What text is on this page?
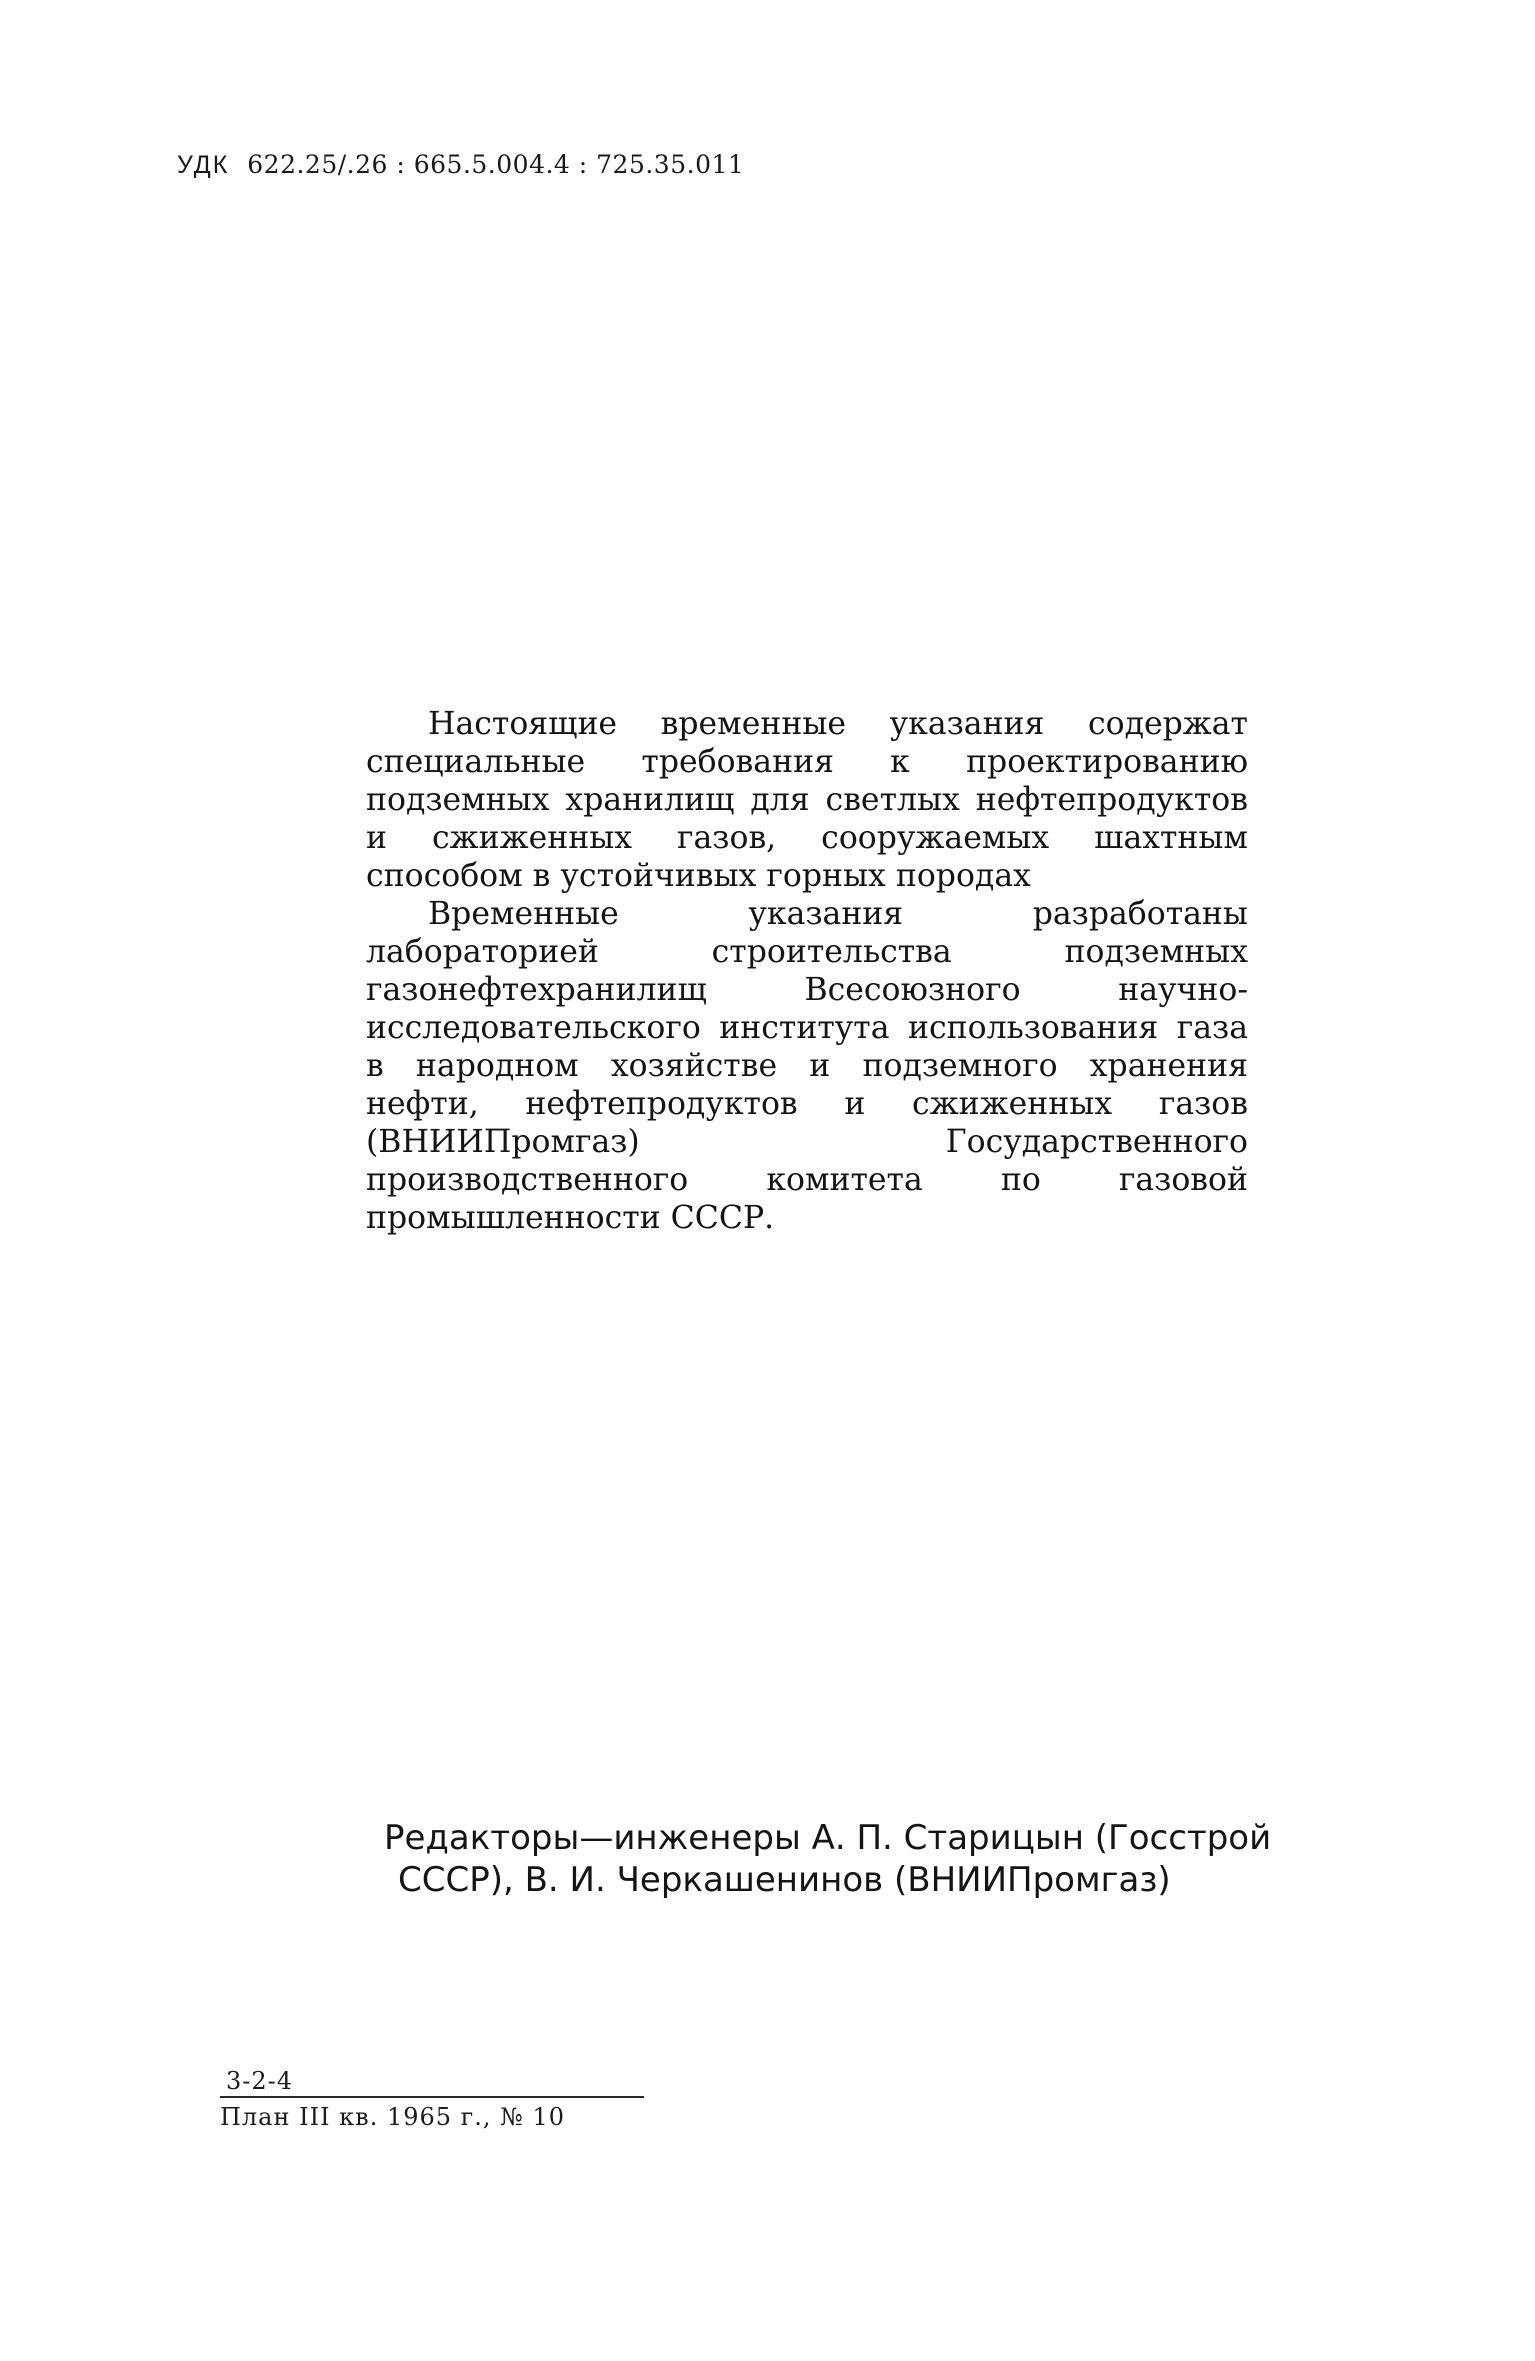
УДК 622.25/.26 : 665.5.004.4 : 725.35.011

Настоящие временные указания содержат специальные требования к проектированию подземных хранилищ для светлых нефтепродуктов и сжиженных газов, сооружаемых шахтным способом в устойчивых горных породах

Временные указания разработаны лабораторией строительства подземных газонефтехранилищ Всесоюзного научно-исследовательского института использования газа в народном хозяйстве и подземного хранения нефти, нефтепродуктов и сжиженных газов (ВНИИПромгаз) Государственного производственного комитета по газовой промышленности СССР.

Редакторы—инженеры А. П. Старицын (Госстрой
СССР), В. И. Черкашенинов (ВНИИПромгаз)
3-2-4
План III кв. 1965 г., № 10
